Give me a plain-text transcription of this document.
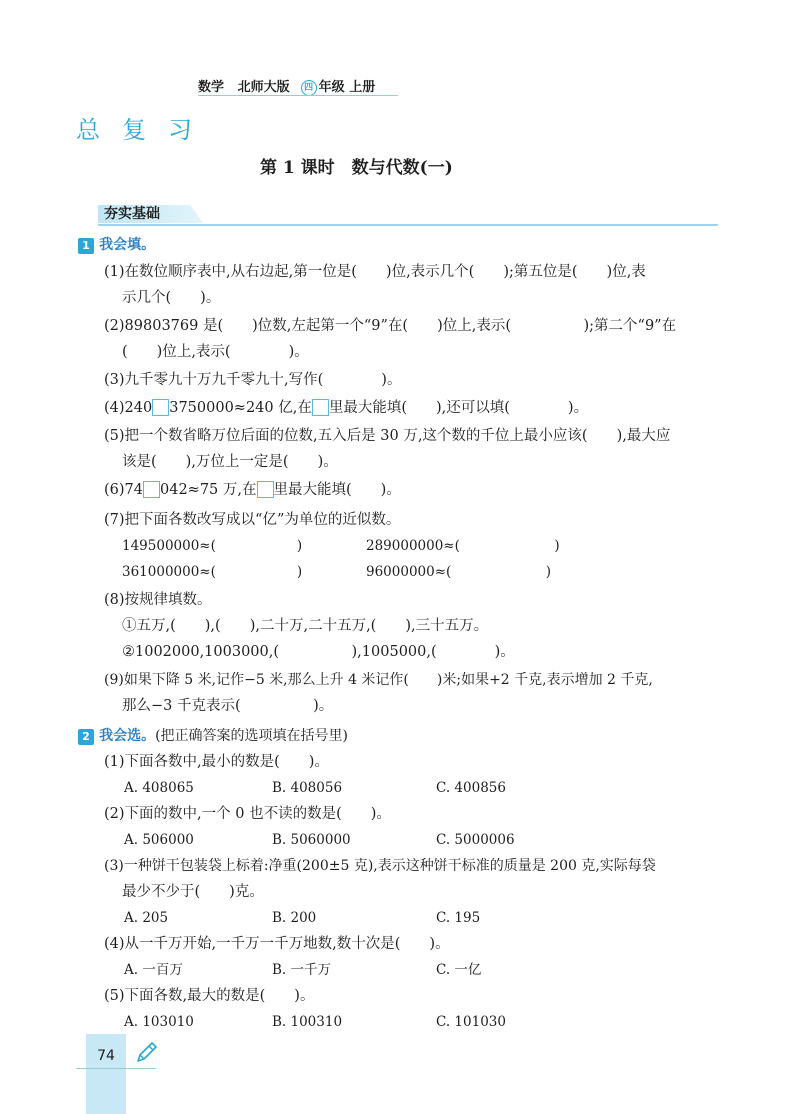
数学 北师大版 四 年级 上册
总复习
第 1 课时　数与代数(一)
夯实基础
1 我会填。
(1)在数位顺序表中,从右边起,第一位是(　　)位,表示几个(　　);第五位是(　　)位,表
示几个(　　)。
(2)89803769 是(　　)位数,左起第一个“9”在(　　)位上,表示(　　　　　);第二个“9”在
(　　)位上,表示(　　　　)。
(3)九千零九十万九千零九十,写作(　　　　)。
(4)240 3750000≈240 亿,在 里最大能填(　　),还可以填(　　　　)。
(5)把一个数省略万位后面的位数,五入后是 30 万,这个数的千位上最小应该(　　),最大应
该是(　　),万位上一定是(　　)。
(6)74 042≈75 万,在 里最大能填(　　)。
(7)把下面各数改写成以“亿”为单位的近似数。
149500000≈(　　　　　　)	289000000≈(　　　　　　　)
361000000≈(　　　　　　)	96000000≈(　　　　　　　)
(8)按规律填数。
①五万,(　　),(　　),二十万,二十五万,(　　),三十五万。
②1002000,1003000,(　　　　　),1005000,(　　　　)。
(9)如果下降 5 米,记作−5 米,那么上升 4 米记作(　　)米;如果+2 千克,表示增加 2 千克,
那么−3 千克表示(　　　　　)。
2 我会选。(把正确答案的选项填在括号里)
(1)下面各数中,最小的数是(　　)。
A. 408065	B. 408056	C. 400856
(2)下面的数中,一个 0 也不读的数是(　　)。
A. 506000	B. 5060000	C. 5000006
(3)一种饼干包装袋上标着:净重(200±5 克),表示这种饼干标准的质量是 200 克,实际每袋
最少不少于(　　)克。
A. 205	B. 200	C. 195
(4)从一千万开始,一千万一千万地数,数十次是(　　)。
A. 一百万	B. 一千万	C. 一亿
(5)下面各数,最大的数是(　　)。
A. 103010	B. 100310	C. 101030
74
